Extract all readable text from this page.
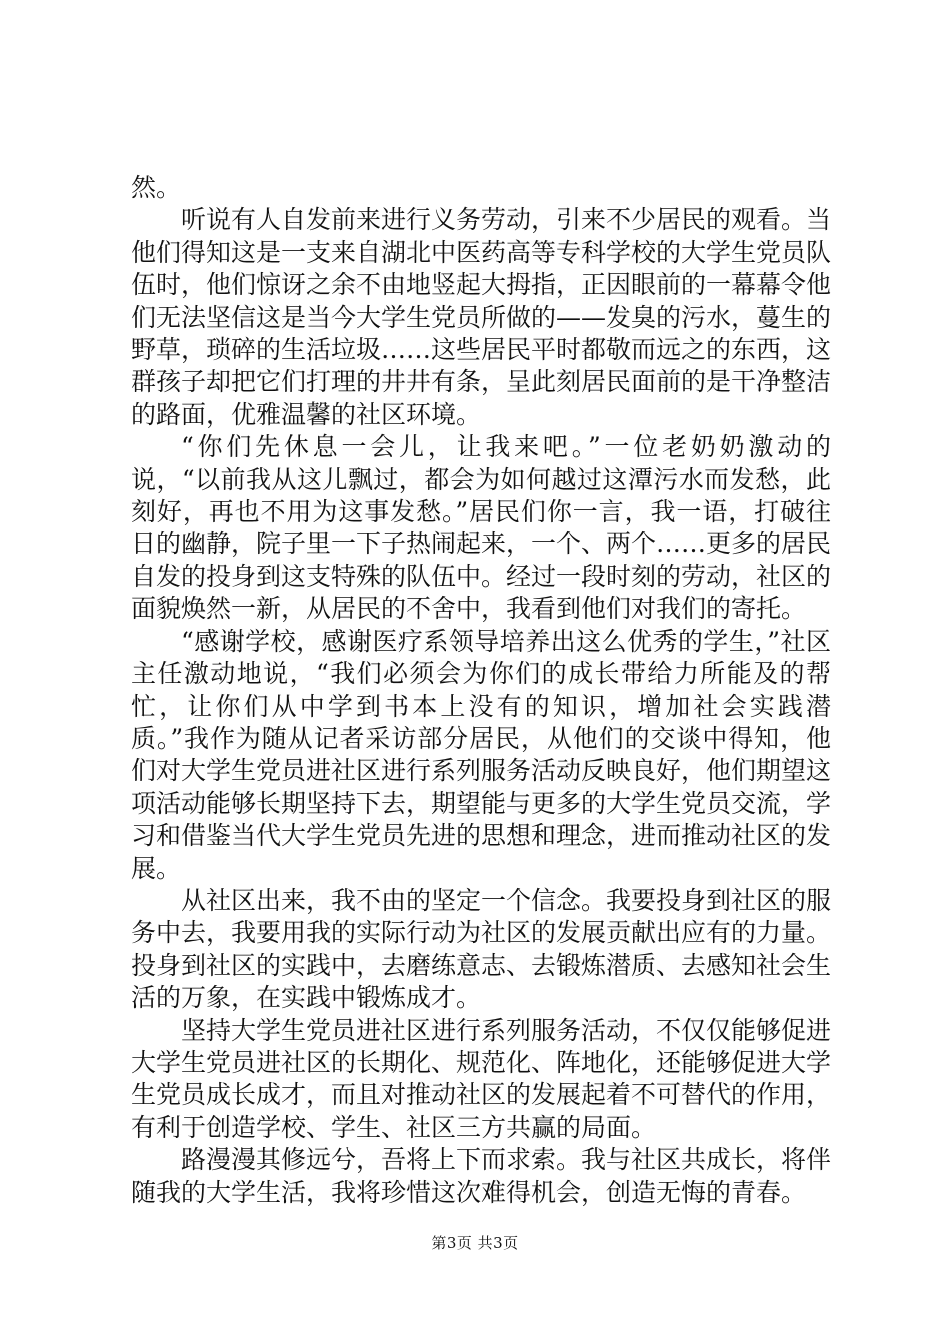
然。

听说有人自发前来进行义务劳动，引来不少居民的观看。当他们得知这是一支来自湖北中医药高等专科学校的大学生党员队伍时，他们惊讶之余不由地竖起大拇指，正因眼前的一幕幕令他们无法坚信这是当今大学生党员所做的——发臭的污水，蔓生的野草，琐碎的生活垃圾……这些居民平时都敬而远之的东西，这群孩子却把它们打理的井井有条，呈此刻居民面前的是干净整洁的路面，优雅温馨的社区环境。

“你们先休息一会儿，让我来吧。”一位老奶奶激动的说，“以前我从这儿飘过，都会为如何越过这潭污水而发愁，此刻好，再也不用为这事发愁。”居民们你一言，我一语，打破往日的幽静，院子里一下子热闹起来，一个、两个……更多的居民自发的投身到这支特殊的队伍中。经过一段时刻的劳动，社区的面貌焕然一新，从居民的不舍中，我看到他们对我们的寄托。

“感谢学校，感谢医疗系领导培养出这么优秀的学生，”社区主任激动地说，“我们必须会为你们的成长带给力所能及的帮忙，让你们从中学到书本上没有的知识，增加社会实践潜质。”我作为随从记者采访部分居民，从他们的交谈中得知，他们对大学生党员进社区进行系列服务活动反映良好，他们期望这项活动能够长期坚持下去，期望能与更多的大学生党员交流，学习和借鉴当代大学生党员先进的思想和理念，进而推动社区的发展。

从社区出来，我不由的坚定一个信念。我要投身到社区的服务中去，我要用我的实际行动为社区的发展贡献出应有的力量。投身到社区的实践中，去磨练意志、去锻炼潜质、去感知社会生活的万象，在实践中锻炼成才。

坚持大学生党员进社区进行系列服务活动，不仅仅能够促进大学生党员进社区的长期化、规范化、阵地化，还能够促进大学生党员成长成才，而且对推动社区的发展起着不可替代的作用，有利于创造学校、学生、社区三方共赢的局面。

路漫漫其修远兮，吾将上下而求索。我与社区共成长，将伴随我的大学生活，我将珍惜这次难得机会，创造无悔的青春。

第3页 共3页
